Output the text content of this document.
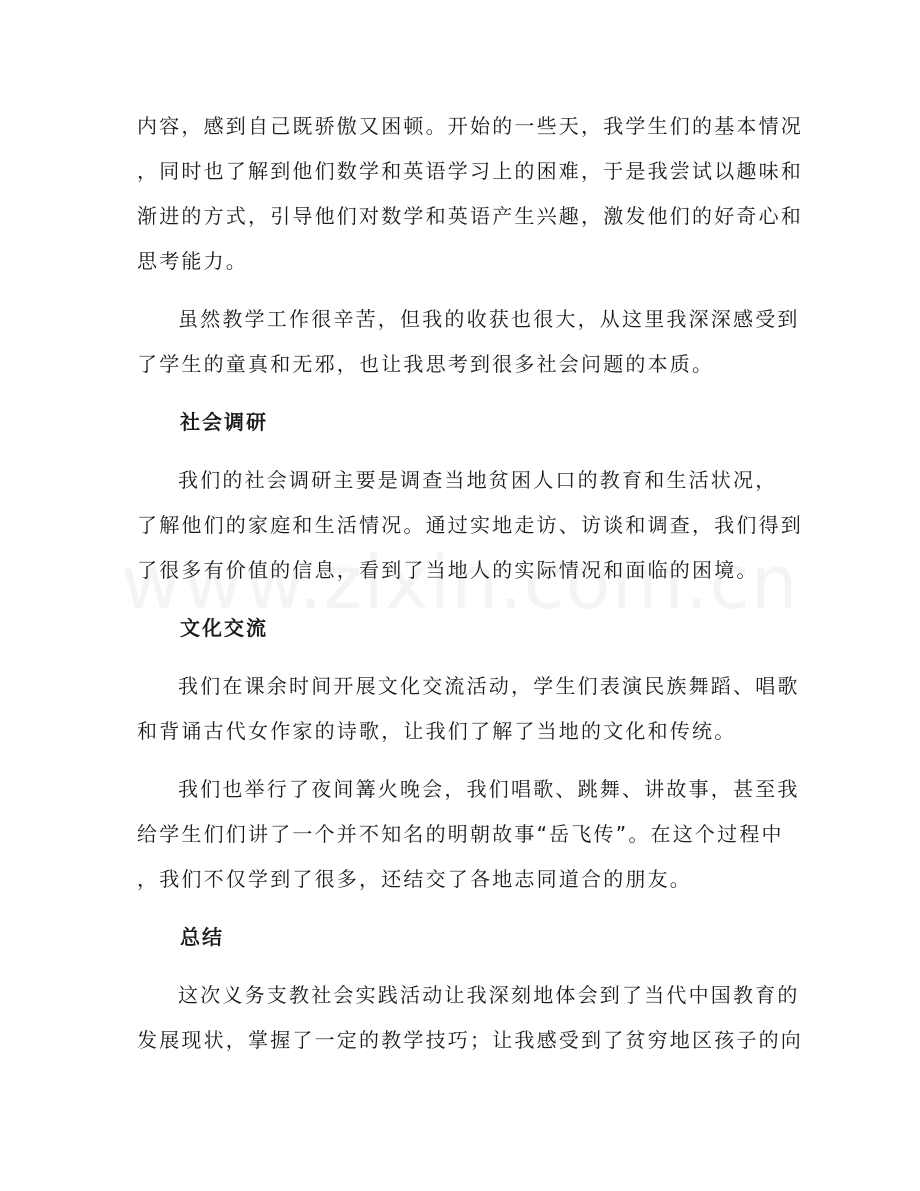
内容，感到自己既骄傲又困顿。开始的一些天，我学生们的基本情况
，同时也了解到他们数学和英语学习上的困难，于是我尝试以趣味和
渐进的方式，引导他们对数学和英语产生兴趣，激发他们的好奇心和
思考能力。
虽然教学工作很辛苦，但我的收获也很大，从这里我深深感受到
了学生的童真和无邪，也让我思考到很多社会问题的本质。
社会调研
我们的社会调研主要是调查当地贫困人口的教育和生活状况，
了解他们的家庭和生活情况。通过实地走访、访谈和调查，我们得到
了很多有价值的信息，看到了当地人的实际情况和面临的困境。
文化交流
我们在课余时间开展文化交流活动，学生们表演民族舞蹈、唱歌
和背诵古代女作家的诗歌，让我们了解了当地的文化和传统。
我们也举行了夜间篝火晚会，我们唱歌、跳舞、讲故事，甚至我
给学生们们讲了一个并不知名的明朝故事“岳飞传”。在这个过程中
，我们不仅学到了很多，还结交了各地志同道合的朋友。
总结
这次义务支教社会实践活动让我深刻地体会到了当代中国教育的
发展现状，掌握了一定的教学技巧；让我感受到了贫穷地区孩子的向
